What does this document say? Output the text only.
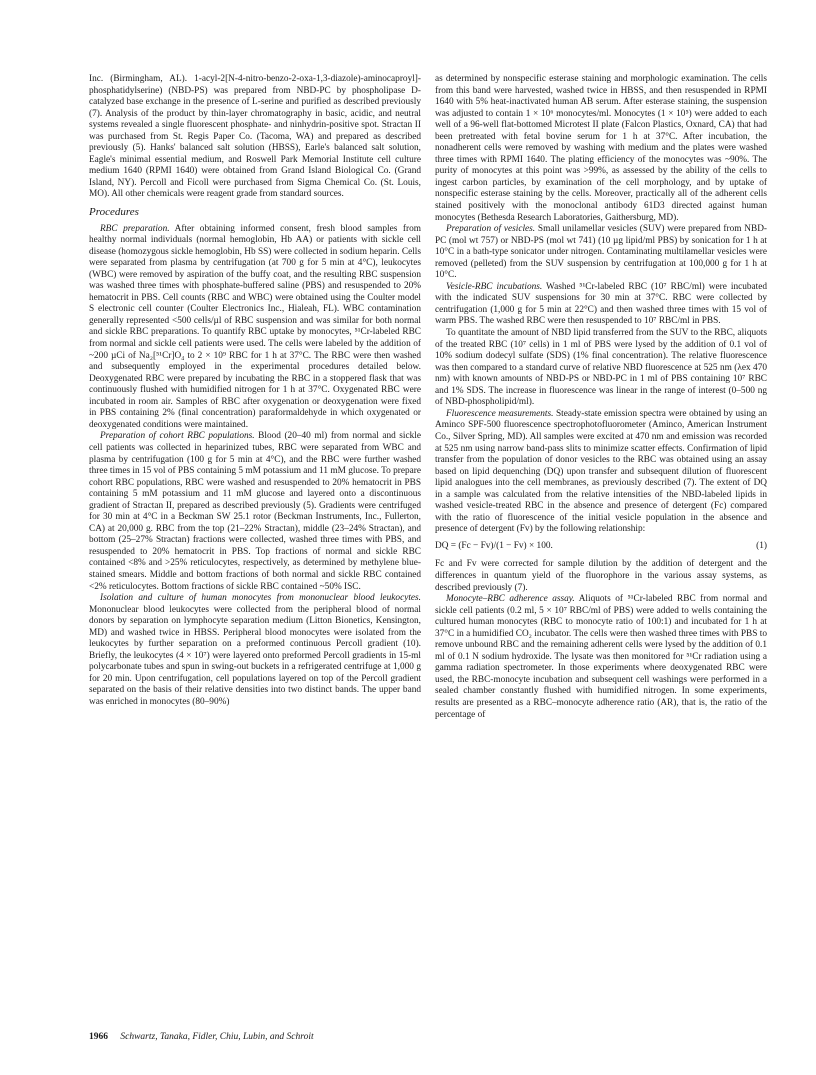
Inc. (Birmingham, AL). 1-acyl-2[N-4-nitro-benzo-2-oxa-1,3-diazole)-aminocaproyl]-phosphatidylserine) (NBD-PS) was prepared from NBD-PC by phospholipase D-catalyzed base exchange in the presence of L-serine and purified as described previously (7). Analysis of the product by thin-layer chromatography in basic, acidic, and neutral systems revealed a single fluorescent phosphate- and ninhydrin-positive spot. Stractan II was purchased from St. Regis Paper Co. (Tacoma, WA) and prepared as described previously (5). Hanks' balanced salt solution (HBSS), Earle's balanced salt solution, Eagle's minimal essential medium, and Roswell Park Memorial Institute cell culture medium 1640 (RPMI 1640) were obtained from Grand Island Biological Co. (Grand Island, NY). Percoll and Ficoll were purchased from Sigma Chemical Co. (St. Louis, MO). All other chemicals were reagent grade from standard sources.

Procedures

RBC preparation. After obtaining informed consent, fresh blood samples from healthy normal individuals (normal hemoglobin, Hb AA) or patients with sickle cell disease (homozygous sickle hemoglobin, Hb SS) were collected in sodium heparin. Cells were separated from plasma by centrifugation (at 700 g for 5 min at 4°C), leukocytes (WBC) were removed by aspiration of the buffy coat, and the resulting RBC suspension was washed three times with phosphate-buffered saline (PBS) and resuspended to 20% hematocrit in PBS. Cell counts (RBC and WBC) were obtained using the Coulter model S electronic cell counter (Coulter Electronics Inc., Hialeah, FL). WBC contamination generally represented <500 cells/µl of RBC suspension and was similar for both normal and sickle RBC preparations. To quantify RBC uptake by monocytes, ⁵¹Cr-labeled RBC from normal and sickle cell patients were used. The cells were labeled by the addition of ~200 µCi of Na₂[⁵¹Cr]O₄ to 2 × 10⁹ RBC for 1 h at 37°C. The RBC were then washed and subsequently employed in the experimental procedures detailed below. Deoxygenated RBC were prepared by incubating the RBC in a stoppered flask that was continuously flushed with humidified nitrogen for 1 h at 37°C. Oxygenated RBC were incubated in room air. Samples of RBC after oxygenation or deoxygenation were fixed in PBS containing 2% (final concentration) paraformaldehyde in which oxygenated or deoxygenated conditions were maintained.

Preparation of cohort RBC populations. Blood (20–40 ml) from normal and sickle cell patients was collected in heparinized tubes, RBC were separated from WBC and plasma by centrifugation (100 g for 5 min at 4°C), and the RBC were further washed three times in 15 vol of PBS containing 5 mM potassium and 11 mM glucose. To prepare cohort RBC populations, RBC were washed and resuspended to 20% hematocrit in PBS containing 5 mM potassium and 11 mM glucose and layered onto a discontinuous gradient of Stractan II, prepared as described previously (5). Gradients were centrifuged for 30 min at 4°C in a Beckman SW 25.1 rotor (Beckman Instruments, Inc., Fullerton, CA) at 20,000 g. RBC from the top (21–22% Stractan), middle (23–24% Stractan), and bottom (25–27% Stractan) fractions were collected, washed three times with PBS, and resuspended to 20% hematocrit in PBS. Top fractions of normal and sickle RBC contained <8% and >25% reticulocytes, respectively, as determined by methylene blue-stained smears. Middle and bottom fractions of both normal and sickle RBC contained <2% reticulocytes. Bottom fractions of sickle RBC contained ~50% ISC.

Isolation and culture of human monocytes from mononuclear blood leukocytes. Mononuclear blood leukocytes were collected from the peripheral blood of normal donors by separation on lymphocyte separation medium (Litton Bionetics, Kensington, MD) and washed twice in HBSS. Peripheral blood monocytes were isolated from the leukocytes by further separation on a preformed continuous Percoll gradient (10). Briefly, the leukocytes (4 × 10⁷) were layered onto preformed Percoll gradients in 15-ml polycarbonate tubes and spun in swing-out buckets in a refrigerated centrifuge at 1,000 g for 20 min. Upon centrifugation, cell populations layered on top of the Percoll gradient separated on the basis of their relative densities into two distinct bands. The upper band was enriched in monocytes (80–90%)

as determined by nonspecific esterase staining and morphologic examination. The cells from this band were harvested, washed twice in HBSS, and then resuspended in RPMI 1640 with 5% heat-inactivated human AB serum. After esterase staining, the suspension was adjusted to contain 1 × 10⁶ monocytes/ml. Monocytes (1 × 10⁵) were added to each well of a 96-well flat-bottomed Microtest II plate (Falcon Plastics, Oxnard, CA) that had been pretreated with fetal bovine serum for 1 h at 37°C. After incubation, the nonadherent cells were removed by washing with medium and the plates were washed three times with RPMI 1640. The plating efficiency of the monocytes was ~90%. The purity of monocytes at this point was >99%, as assessed by the ability of the cells to ingest carbon particles, by examination of the cell morphology, and by uptake of nonspecific esterase staining by the cells. Moreover, practically all of the adherent cells stained positively with the monoclonal antibody 61D3 directed against human monocytes (Bethesda Research Laboratories, Gaithersburg, MD).

Preparation of vesicles. Small unilamellar vesicles (SUV) were prepared from NBD-PC (mol wt 757) or NBD-PS (mol wt 741) (10 µg lipid/ml PBS) by sonication for 1 h at 10°C in a bath-type sonicator under nitrogen. Contaminating multilamellar vesicles were removed (pelleted) from the SUV suspension by centrifugation at 100,000 g for 1 h at 10°C.

Vesicle-RBC incubations. Washed ⁵¹Cr-labeled RBC (10⁷ RBC/ml) were incubated with the indicated SUV suspensions for 30 min at 37°C. RBC were collected by centrifugation (1,000 g for 5 min at 22°C) and then washed three times with 15 vol of warm PBS. The washed RBC were then resuspended to 10⁷ RBC/ml in PBS.

To quantitate the amount of NBD lipid transferred from the SUV to the RBC, aliquots of the treated RBC (10⁷ cells) in 1 ml of PBS were lysed by the addition of 0.1 vol of 10% sodium dodecyl sulfate (SDS) (1% final concentration). The relative fluorescence was then compared to a standard curve of relative NBD fluorescence at 525 nm (λex 470 nm) with known amounts of NBD-PS or NBD-PC in 1 ml of PBS containing 10⁷ RBC and 1% SDS. The increase in fluorescence was linear in the range of interest (0–500 ng of NBD-phospholipid/ml).

Fluorescence measurements. Steady-state emission spectra were obtained by using an Aminco SPF-500 fluorescence spectrophotofluorometer (Aminco, American Instrument Co., Silver Spring, MD). All samples were excited at 470 nm and emission was recorded at 525 nm using narrow band-pass slits to minimize scatter effects. Confirmation of lipid transfer from the population of donor vesicles to the RBC was obtained using an assay based on lipid dequenching (DQ) upon transfer and subsequent dilution of fluorescent lipid analogues into the cell membranes, as previously described (7). The extent of DQ in a sample was calculated from the relative intensities of the NBD-labeled lipids in washed vesicle-treated RBC in the absence and presence of detergent (Fc) compared with the ratio of fluorescence of the initial vesicle population in the absence and presence of detergent (Fv) by the following relationship:

DQ = (Fc − Fv)/(1 − Fv) × 100.	(1)

Fc and Fv were corrected for sample dilution by the addition of detergent and the differences in quantum yield of the fluorophore in the various assay systems, as described previously (7).

Monocyte–RBC adherence assay. Aliquots of ⁵¹Cr-labeled RBC from normal and sickle cell patients (0.2 ml, 5 × 10⁷ RBC/ml of PBS) were added to wells containing the cultured human monocytes (RBC to monocyte ratio of 100:1) and incubated for 1 h at 37°C in a humidified CO₂ incubator. The cells were then washed three times with PBS to remove unbound RBC and the remaining adherent cells were lysed by the addition of 0.1 ml of 0.1 N sodium hydroxide. The lysate was then monitored for ⁵¹Cr radiation using a gamma radiation spectrometer. In those experiments where deoxygenated RBC were used, the RBC-monocyte incubation and subsequent cell washings were performed in a sealed chamber constantly flushed with humidified nitrogen. In some experiments, results are presented as a RBC–monocyte adherence ratio (AR), that is, the ratio of the percentage of

1966 Schwartz, Tanaka, Fidler, Chiu, Lubin, and Schroit
